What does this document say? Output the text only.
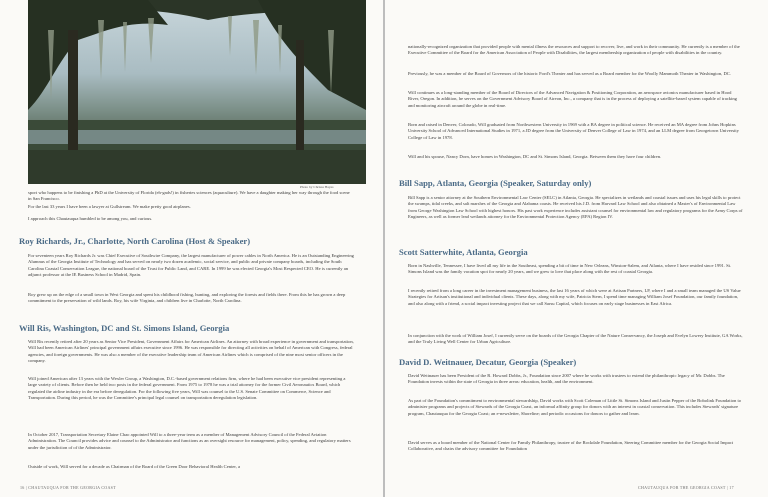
Photo by Chrissa Hayes

sport who happens to be finishing a PhD at the University of Florida (eh-gads!) in fisheries sciences (aquaculture). We have a daughter making her way through the food scene in San Francisco.

For the last 33 years I have been a lawyer at Gullstream. We make pretty good airplanes.

I approach this Chautauqua humbled to be among you, and curious.

Roy Richards, Jr., Charlotte, North Carolina (Host & Speaker)

For seventeen years Roy Richards Jr. was Chief Executive of Southwire Company, the largest manufacturer of power cables in North America. He is an Outstanding Engineering Alumnus of the Georgia Institute of Technology and has served on nearly two dozen academic, social service, and public and private company boards, including the South Carolina Coastal Conservation League, the national board of the Trust for Public Land, and CARE. In 1999 he was elected Georgia's Most Respected CEO. He is currently an adjunct professor at the IE Business School in Madrid, Spain.

Roy grew up on the edge of a small town in West Georgia and spent his childhood fishing, hunting, and exploring the forests and fields there. From this he has grown a deep commitment to the preservation of wild lands. Roy, his wife Virginia, and children live in Charlotte, North Carolina.

Will Ris, Washington, DC and St. Simons Island, Georgia

Will Ris recently retired after 20 years as Senior Vice President, Government Affairs for American Airlines. An attorney with broad experience in government and transportation, Will had been American Airlines' principal government affairs executive since 1996. He was responsible for directing all activities on behalf of American with Congress, federal agencies, and foreign governments. He was also a member of the executive leadership team of American Airlines which is comprised of the nine most senior officers in the company.

Will joined American after 13 years with the Wexler Group, a Washington, D.C.-based government relations firm, where he had been executive vice president representing a large variety of clients. Before then he held two posts in the federal government. From 1975 to 1978 he was a trial attorney for the former Civil Aeronautics Board, which regulated the airline industry in the era before deregulation. For the following five years, Will was counsel to the U.S. Senate Committee on Commerce, Science and Transportation. During this period, he was the Committee's principal legal counsel on transportation deregulation legislation.

In October 2017, Transportation Secretary Elaine Chao appointed Will to a three-year term as a member of Management Advisory Council of the Federal Aviation Administration. The Council provides advice and counsel to the Administrator and functions as an oversight resource for management, policy, spending, and regulatory matters under the jurisdiction of of the Administrator.

Outside of work, Will served for a decade as Chairman of the Board of the Green Door Behavioral Health Center, a

16 | CHAUTAUQUA FOR THE GEORGIA COAST

nationally-recognized organization that provided people with mental illness the resources and support to recover, live, and work in their community. He currently is a member of the Executive Committee of the Board for the American Association of People with Disabilities, the largest membership organization of people with disabilities in the country.

Previously, he was a member of the Board of Governors of the historic Ford's Theater and has served as a Board member for the Woolly Mammoth Theater in Washington, DC.

Will continues as a long-standing member of the Board of Directors of the Advanced Navigation & Positioning Corporation, an aerospace avionics manufacturer based in Hood River, Oregon. In addition, he serves on the Government Advisory Board of Aireon, Inc., a company that is in the process of deploying a satellite-based system capable of tracking and monitoring aircraft around the globe in real-time.

Born and raised in Denver, Colorado, Will graduated from Northwestern University in 1969 with a BA degree in political science. He received an MA degree from Johns Hopkins University School of Advanced International Studies in 1971, a JD degree from the University of Denver College of Law in 1974, and an LLM degree from Georgetown University College of Law in 1978.

Will and his spouse, Nancy Dorn, have homes in Washington, DC and St. Simons Island, Georgia. Between them they have four children.

Bill Sapp, Atlanta, Georgia (Speaker, Saturday only)

Bill Sapp is a senior attorney at the Southern Environmental Law Center (SELC) in Atlanta, Georgia. He specializes in wetlands and coastal issues and uses his legal skills to protect the swamps, tidal creeks, and salt marshes of the Georgia and Alabama coasts. He received his J.D. from Harvard Law School and also obtained a Master's of Environmental Law from George Washington Law School with highest honors. His past work experience includes assistant counsel for environmental law and regulatory programs for the Army Corps of Engineers, as well as former lead wetlands attorney for the Environmental Protection Agency (EPA) Region IV.

Scott Satterwhite, Atlanta, Georgia

Born in Nashville, Tennessee, I have lived all my life in the Southeast, spending a bit of time in New Orleans, Winston-Salem, and Atlanta, where I have resided since 1991. St. Simons Island was the family vacation spot for nearly 20 years, and we grew to love that place along with the rest of coastal Georgia.

I recently retired from a long career in the investment management business, the last 16 years of which were at Artisan Partners, LP, where I and a small team managed the US Value Strategies for Artisan's institutional and individual clients. These days, along with my wife, Patricia Stern, I spend time managing William Josef Foundation, our family foundation, and also along with a friend, a social impact investing project that we call Sarsu Capital, which focuses on early stage businesses in East Africa.

In conjunction with the work of William Josef, I currently serve on the boards of the Georgia Chapter of the Nature Conservancy, the Joseph and Evelyn Lowery Institute, GA Works, and the Truly Living Well Center for Urban Agriculture.

David D. Weitnauer, Decatur, Georgia (Speaker)

David Weitnauer has been President of the R. Howard Dobbs, Jr., Foundation since 2007 where he works with trustees to extend the philanthropic legacy of Mr. Dobbs. The Foundation invests within the state of Georgia in three areas: education, health, and the environment.

As part of the Foundation's commitment to environmental stewardship, David works with Scott Coleman of Little St. Simons Island and Justin Pepper of the Bobolink Foundation to administer programs and projects of Stewards of the Georgia Coast, an informal affinity group for donors with an interest in coastal conservation. This includes Stewards' signature program, Chautauqua for the Georgia Coast; an e-newsletter, Shoreline; and periodic occasions for donors to gather and learn.

David serves as a board member of the National Center for Family Philanthropy, trustee of the Rockdale Foundation, Steering Committee member for the Georgia Social Impact Collaborative, and chairs the advisory committee for Foundation

CHAUTAUQUA FOR THE GEORGIA COAST | 17
